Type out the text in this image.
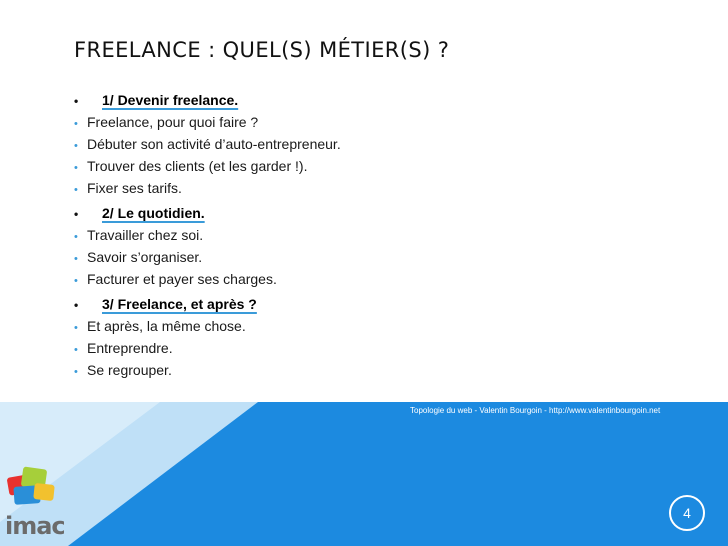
FREELANCE : QUEL(S) MÉTIER(S) ?
•	1/ Devenir freelance.
• Freelance, pour quoi faire ?
• Débuter son activité d’auto-entrepreneur.
• Trouver des clients (et les garder !).
• Fixer ses tarifs.
•	2/ Le quotidien.
• Travailler chez soi.
• Savoir s’organiser.
• Facturer et payer ses charges.
•	3/ Freelance, et après ?
• Et après, la même chose.
• Entreprendre.
• Se regrouper.
Topologie du web - Valentin Bourgoin - http://www.valentinbourgoin.net
imac	4
